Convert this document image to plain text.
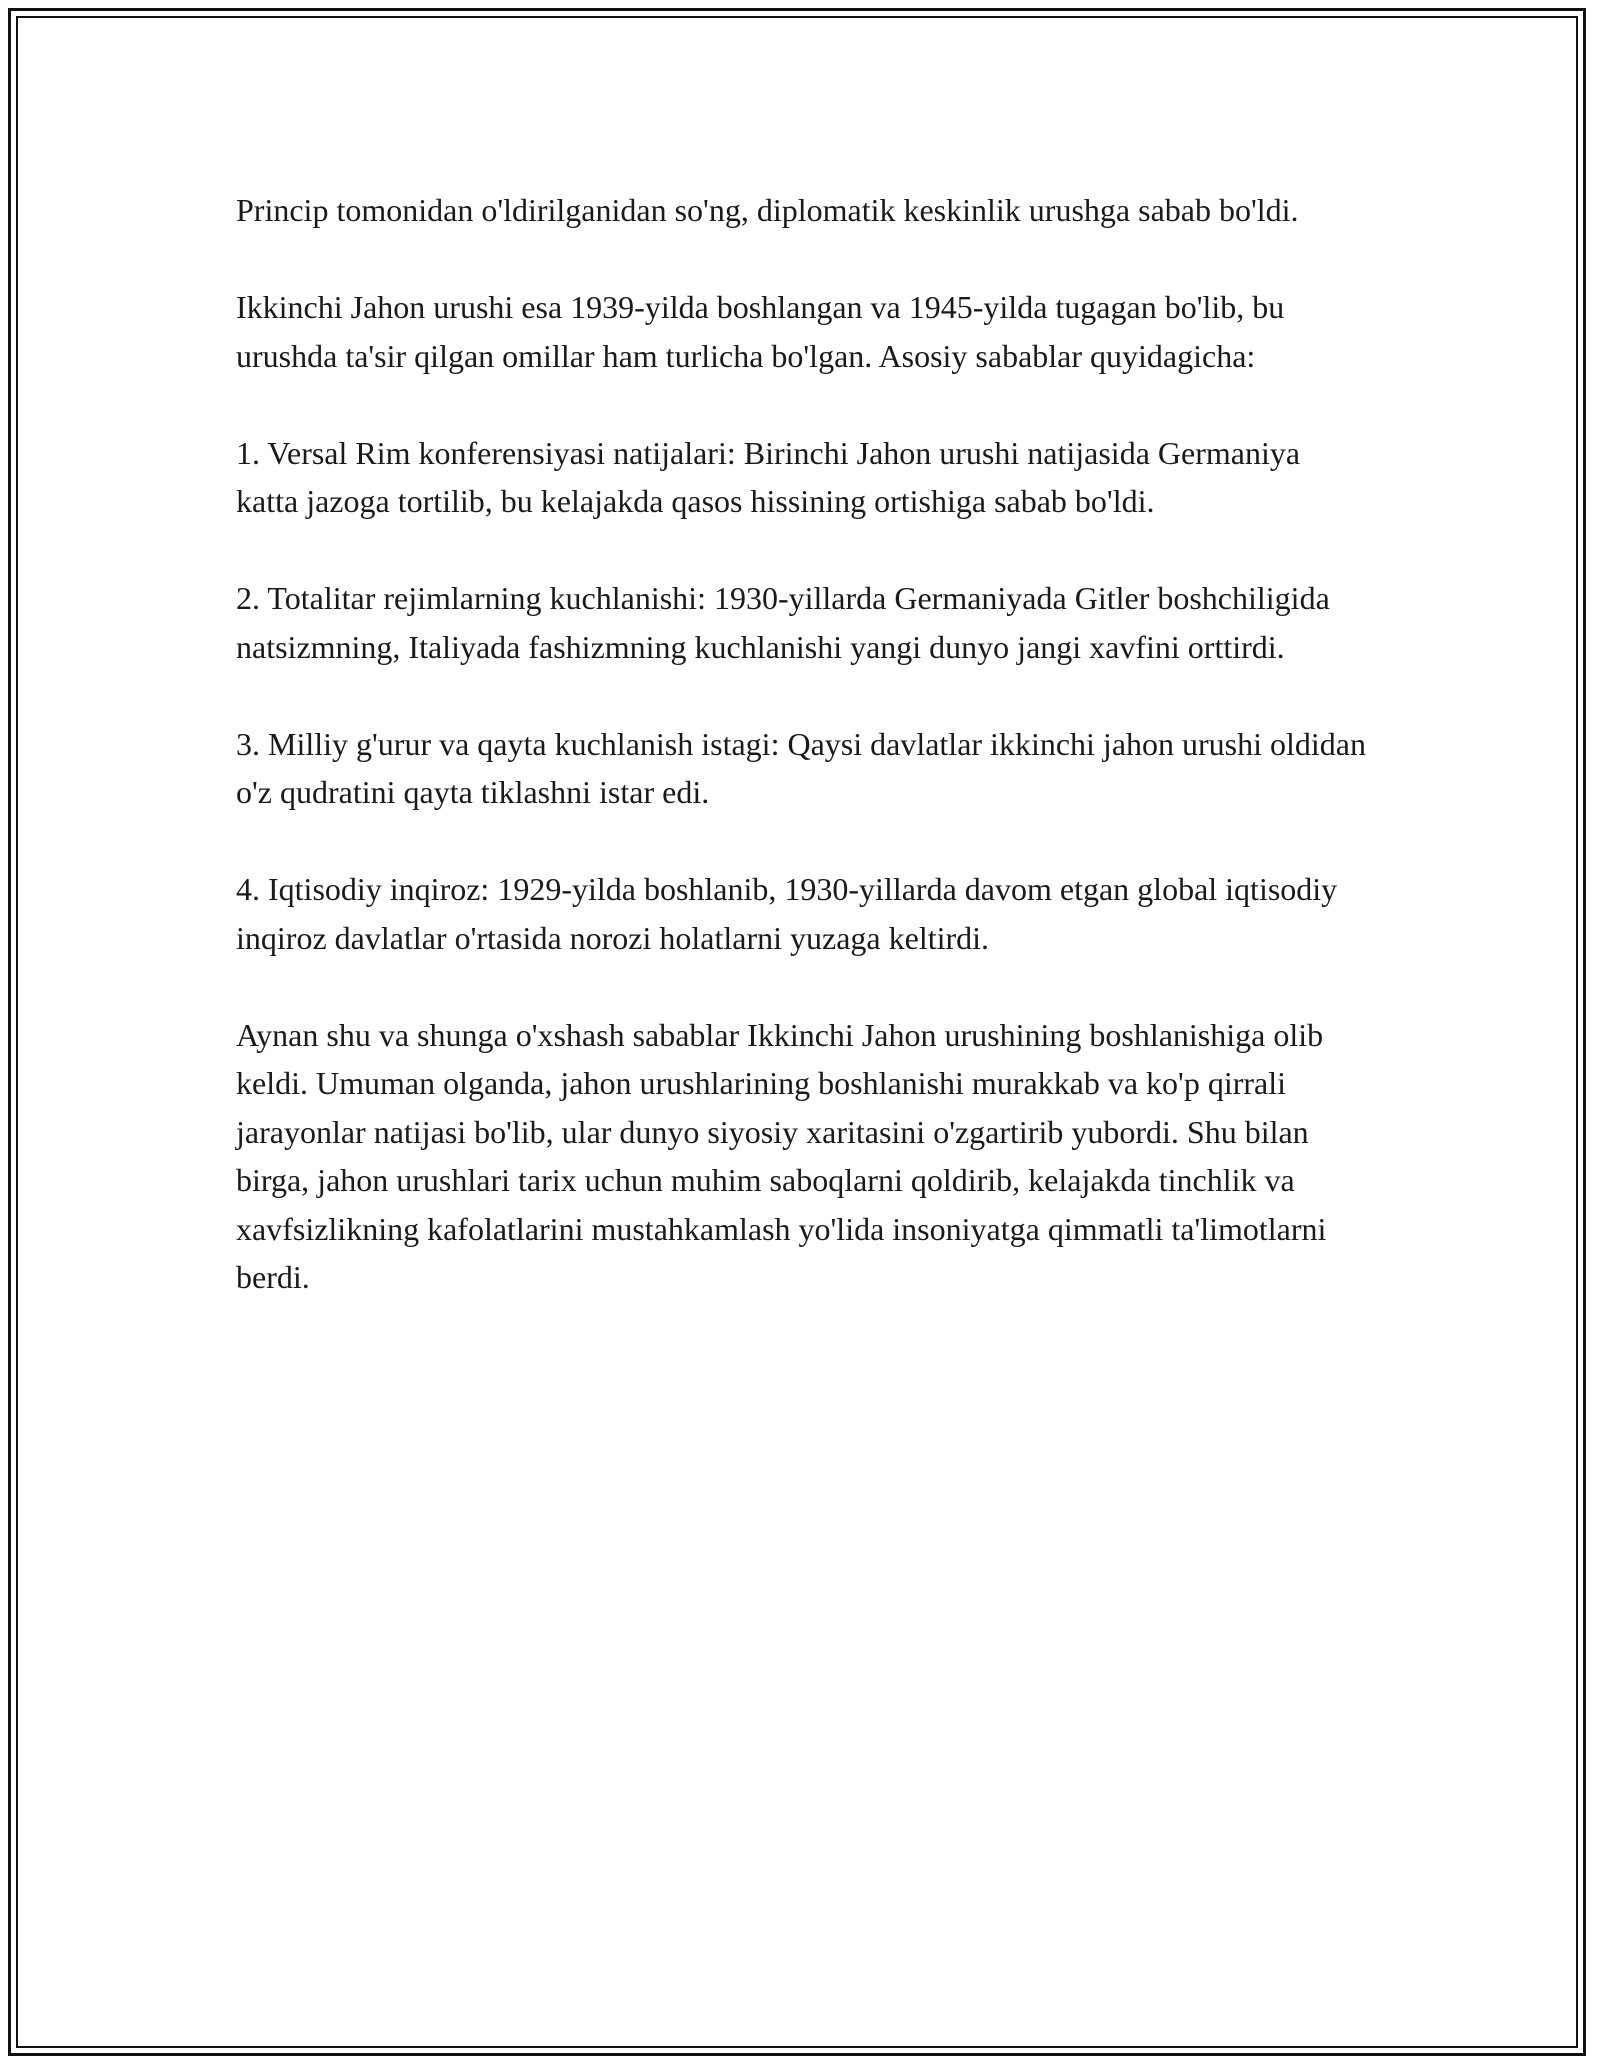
Princip tomonidan o'ldirilganidan so'ng, diplomatik keskinlik urushga sabab bo'ldi.

Ikkinchi Jahon urushi esa 1939-yilda boshlangan va 1945-yilda tugagan bo'lib, bu urushda ta'sir qilgan omillar ham turlicha bo'lgan. Asosiy sabablar quyidagicha:

1. Versal Rim konferensiyasi natijalari: Birinchi Jahon urushi natijasida Germaniya katta jazoga tortilib, bu kelajakda qasos hissining ortishiga sabab bo'ldi.

2. Totalitar rejimlarning kuchlanishi: 1930-yillarda Germaniyada Gitler boshchiligida natsizmning, Italiyada fashizmning kuchlanishi yangi dunyo jangi xavfini orttirdi.

3. Milliy g'urur va qayta kuchlanish istagi: Qaysi davlatlar ikkinchi jahon urushi oldidan o'z qudratini qayta tiklashni istar edi.

4. Iqtisodiy inqiroz: 1929-yilda boshlanib, 1930-yillarda davom etgan global iqtisodiy inqiroz davlatlar o'rtasida norozi holatlarni yuzaga keltirdi.

Aynan shu va shunga o'xshash sabablar Ikkinchi Jahon urushining boshlanishiga olib keldi. Umuman olganda, jahon urushlarining boshlanishi murakkab va ko'p qirrali jarayonlar natijasi bo'lib, ular dunyo siyosiy xaritasini o'zgartirib yubordi. Shu bilan birga, jahon urushlari tarix uchun muhim saboqlarni qoldirib, kelajakda tinchlik va xavfsizlikning kafolatlarini mustahkamlash yo'lida insoniyatga qimmatli ta'limotlarni berdi.
